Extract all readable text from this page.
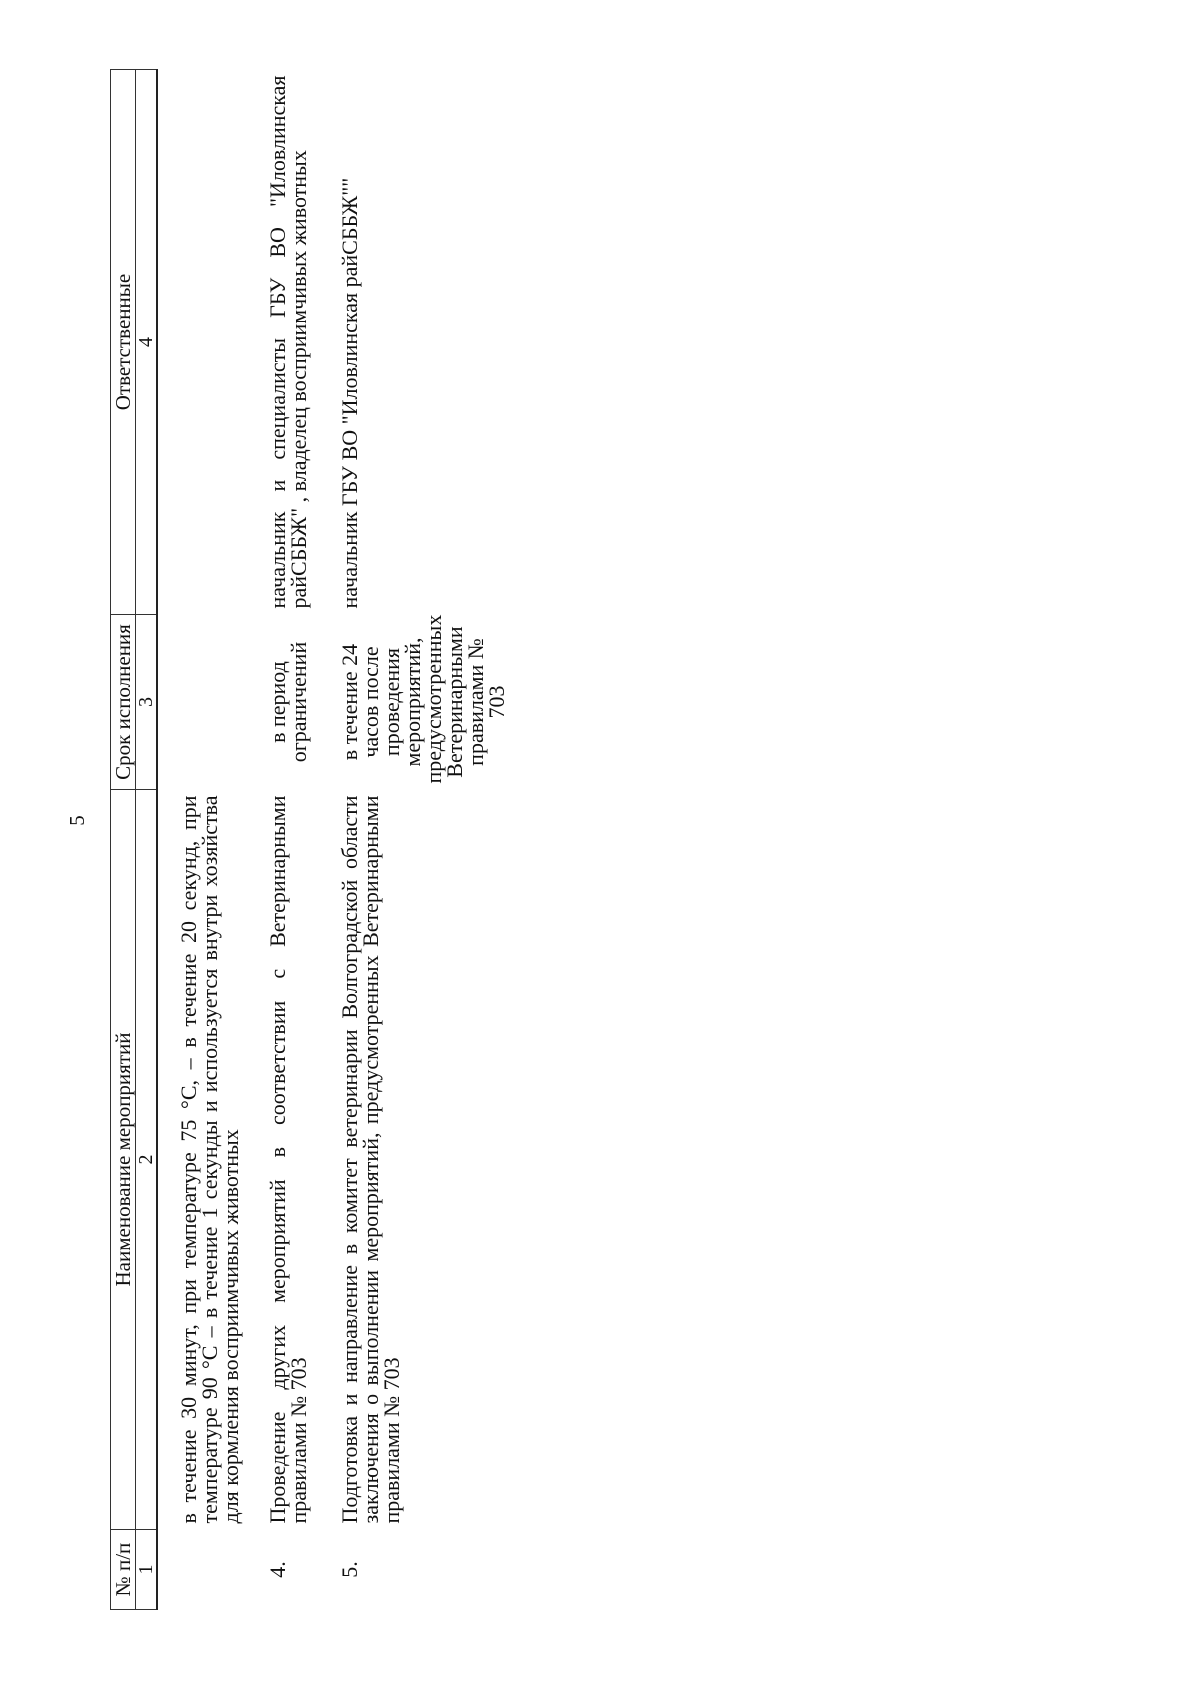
5
№ п/п	Наименование мероприятий	Срок исполнения	Ответственные
1	2	3	4
	в течение 30 минут, при температуре 75 °С, – в течение 20 секунд, при температуре 90 °С – в течение 1 секунды и используется внутри хозяйства для кормления восприимчивых животных		
4.	Проведение других мероприятий в соответствии с Ветеринарными правилами № 703	в период ограничений	начальник и специалисты ГБУ ВО "Иловлинская райСББЖ" , владелец восприимчивых животных
5.	Подготовка и направление в комитет ветеринарии Волгоградской области заключения о выполнении мероприятий, предусмотренных Ветеринарными правилами № 703	в течение 24 часов после проведения мероприятий, предусмотренных Ветеринарными правилами № 703	начальник ГБУ ВО "Иловлинская райСББЖ""
